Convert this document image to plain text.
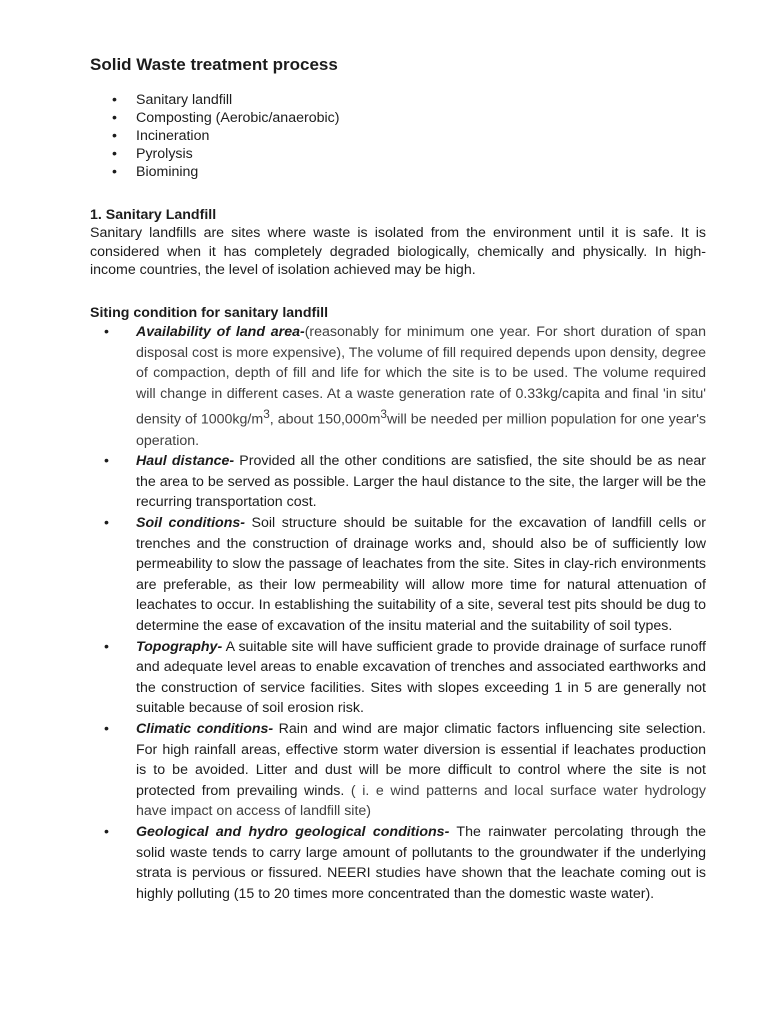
Solid Waste treatment process
• Sanitary landfill
• Composting (Aerobic/anaerobic)
• Incineration
• Pyrolysis
• Biomining
1. Sanitary Landfill

Sanitary landfills are sites where waste is isolated from the environment until it is safe. It is considered when it has completely degraded biologically, chemically and physically. In high-income countries, the level of isolation achieved may be high.

Siting condition for sanitary landfill
• Availability of land area-(reasonably for minimum one year. For short duration of span disposal cost is more expensive), The volume of fill required depends upon density, degree of compaction, depth of fill and life for which the site is to be used. The volume required will change in different cases. At a waste generation rate of 0.33kg/capita and final 'in situ' density of $1000kg/m^3$, about $150,000m^3will$ be needed per million population for one year's operation.
• Haul distance- Provided all the other conditions are satisfied, the site should be as near the area to be served as possible. Larger the haul distance to the site, the larger will be the recurring transportation cost.
• Soil conditions- Soil structure should be suitable for the excavation of landfill cells or trenches and the construction of drainage works and, should also be of sufficiently low permeability to slow the passage of leachates from the site. Sites in clay-rich environments are preferable, as their low permeability will allow more time for natural attenuation of leachates to occur. In establishing the suitability of a site, several test pits should be dug to determine the ease of excavation of the insitu material and the suitability of soil types.
• Topography- A suitable site will have sufficient grade to provide drainage of surface runoff and adequate level areas to enable excavation of trenches and associated earthworks and the construction of service facilities. Sites with slopes exceeding 1 in 5 are generally not suitable because of soil erosion risk.
• Climatic conditions- Rain and wind are major climatic factors influencing site selection. For high rainfall areas, effective storm water diversion is essential if leachates production is to be avoided. Litter and dust will be more difficult to control where the site is not protected from prevailing winds. ( i. e wind patterns and local surface water hydrology have impact on access of landfill site)
• Geological and hydro geological conditions- The rainwater percolating through the solid waste tends to carry large amount of pollutants to the groundwater if the underlying strata is pervious or fissured. NEERI studies have shown that the leachate coming out is highly polluting (15 to 20 times more concentrated than the domestic waste water).
